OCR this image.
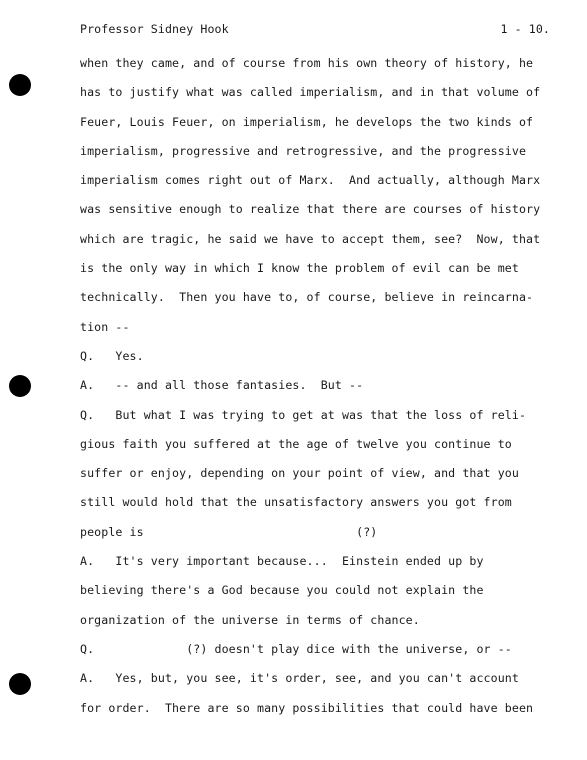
Professor Sidney Hook	1 - 10.
when they came, and of course from his own theory of history, he
has to justify what was called imperialism, and in that volume of
Feuer, Louis Feuer, on imperialism, he develops the two kinds of
imperialism, progressive and retrogressive, and the progressive
imperialism comes right out of Marx.  And actually, although Marx
was sensitive enough to realize that there are courses of history
which are tragic, he said we have to accept them, see?  Now, that
is the only way in which I know the problem of evil can be met
technically.  Then you have to, of course, believe in reincarna-
tion --
Q.   Yes.
A.   -- and all those fantasies.  But --
Q.   But what I was trying to get at was that the loss of reli-
gious faith you suffered at the age of twelve you continue to
suffer or enjoy, depending on your point of view, and that you
still would hold that the unsatisfactory answers you got from
people is                              (?)
A.   It's very important because...  Einstein ended up by
believing there's a God because you could not explain the
organization of the universe in terms of chance.
Q.             (?) doesn't play dice with the universe, or --
A.   Yes, but, you see, it's order, see, and you can't account
for order.  There are so many possibilities that could have been
